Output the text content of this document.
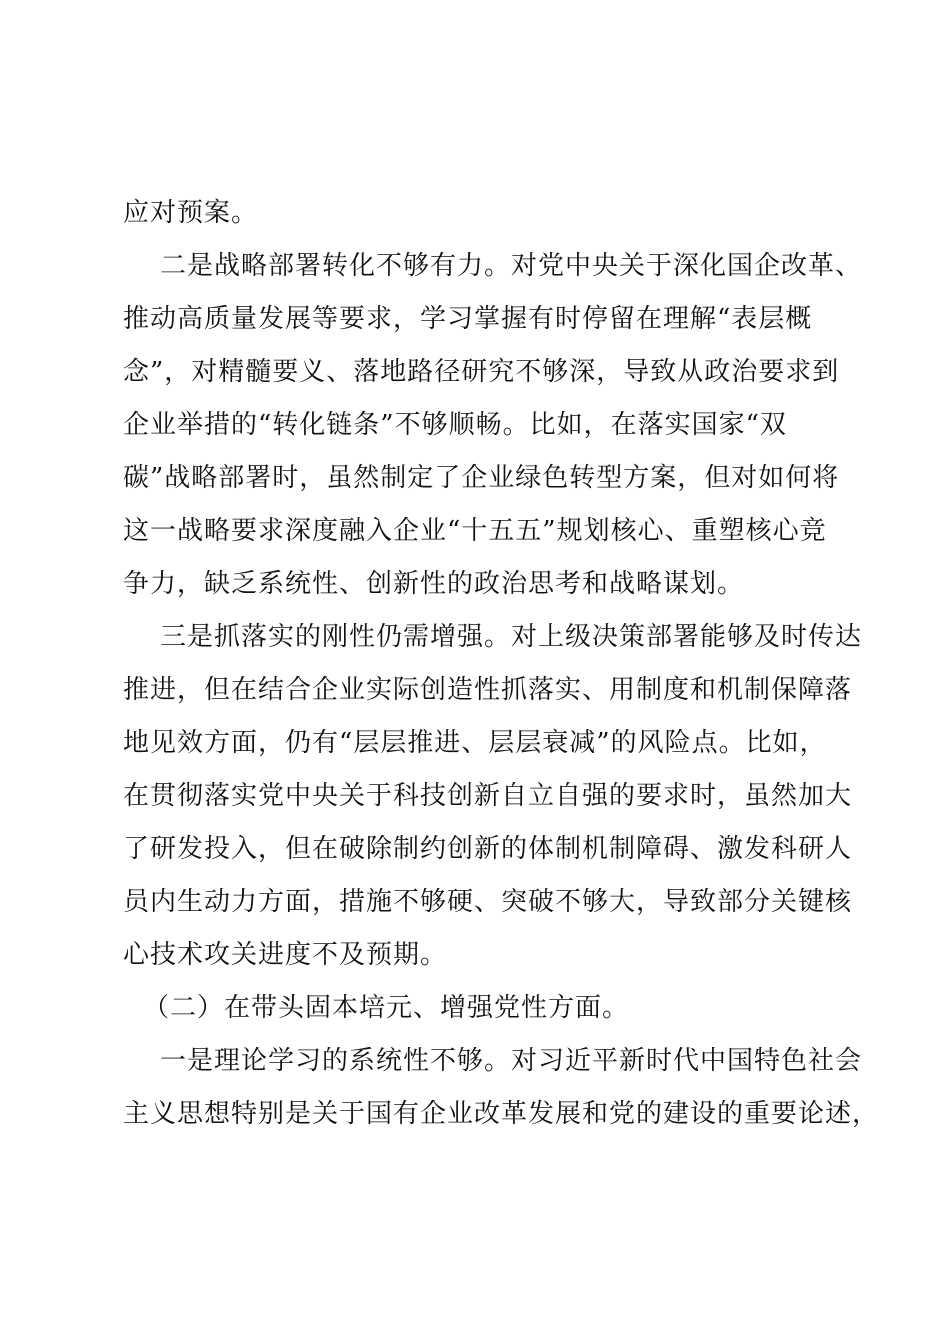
应对预案。
二是战略部署转化不够有力。对党中央关于深化国企改革、
推动高质量发展等要求，学习掌握有时停留在理解“表层概
念”，对精髓要义、落地路径研究不够深，导致从政治要求到
企业举措的“转化链条”不够顺畅。比如，在落实国家“双
碳”战略部署时，虽然制定了企业绿色转型方案，但对如何将
这一战略要求深度融入企业“十五五”规划核心、重塑核心竞
争力，缺乏系统性、创新性的政治思考和战略谋划。
三是抓落实的刚性仍需增强。对上级决策部署能够及时传达
推进，但在结合企业实际创造性抓落实、用制度和机制保障落
地见效方面，仍有“层层推进、层层衰减”的风险点。比如，
在贯彻落实党中央关于科技创新自立自强的要求时，虽然加大
了研发投入，但在破除制约创新的体制机制障碍、激发科研人
员内生动力方面，措施不够硬、突破不够大，导致部分关键核
心技术攻关进度不及预期。
（二）在带头固本培元、增强党性方面。
一是理论学习的系统性不够。对习近平新时代中国特色社会
主义思想特别是关于国有企业改革发展和党的建设的重要论述，
